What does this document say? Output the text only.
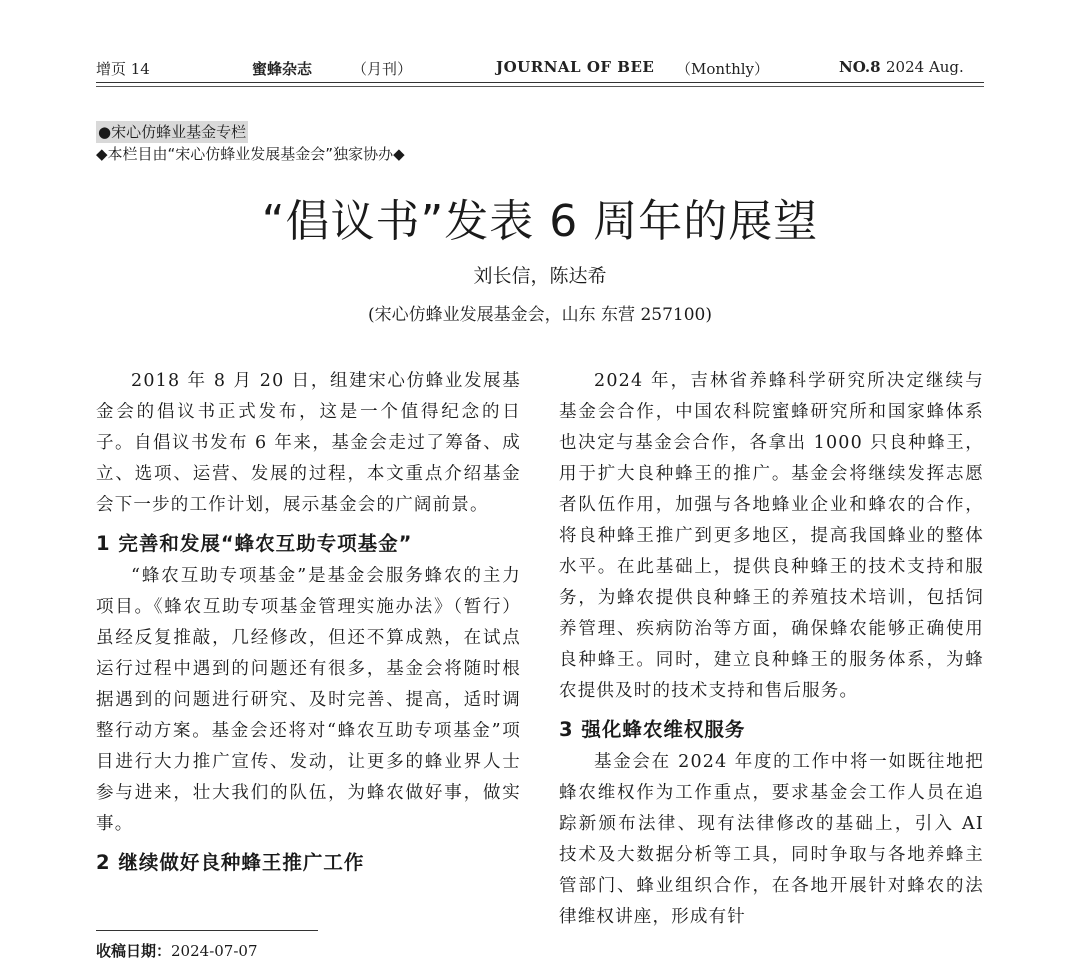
增页 14	蜜蜂杂志	（月刊）	JOURNAL OF BEE （Monthly）	NO.8 2024 Aug.
●宋心仿蜂业基金专栏
◆本栏目由“宋心仿蜂业发展基金会”独家协办◆
“倡议书”发表 6 周年的展望
刘长信，陈达希
(宋心仿蜂业发展基金会，山东 东营 257100)

2018 年 8 月 20 日，组建宋心仿蜂业发展基金会的倡议书正式发布，这是一个值得纪念的日子。自倡议书发布 6 年来，基金会走过了筹备、成立、选项、运营、发展的过程，本文重点介绍基金会下一步的工作计划，展示基金会的广阔前景。

1 完善和发展“蜂农互助专项基金”

“蜂农互助专项基金”是基金会服务蜂农的主力项目。《蜂农互助专项基金管理实施办法》（暂行）虽经反复推敲，几经修改，但还不算成熟，在试点运行过程中遇到的问题还有很多，基金会将随时根据遇到的问题进行研究、及时完善、提高，适时调整行动方案。基金会还将对“蜂农互助专项基金”项目进行大力推广宣传、发动，让更多的蜂业界人士参与进来，壮大我们的队伍，为蜂农做好事，做实事。

2 继续做好良种蜂王推广工作

2024 年，吉林省养蜂科学研究所决定继续与基金会合作，中国农科院蜜蜂研究所和国家蜂体系也决定与基金会合作，各拿出 1000 只良种蜂王，用于扩大良种蜂王的推广。基金会将继续发挥志愿者队伍作用，加强与各地蜂业企业和蜂农的合作，将良种蜂王推广到更多地区，提高我国蜂业的整体水平。在此基础上，提供良种蜂王的技术支持和服务，为蜂农提供良种蜂王的养殖技术培训，包括饲养管理、疾病防治等方面，确保蜂农能够正确使用良种蜂王。同时，建立良种蜂王的服务体系，为蜂农提供及时的技术支持和售后服务。

3 强化蜂农维权服务

基金会在 2024 年度的工作中将一如既往地把蜂农维权作为工作重点，要求基金会工作人员在追踪新颁布法律、现有法律修改的基础上，引入 AI 技术及大数据分析等工具，同时争取与各地养蜂主管部门、蜂业组织合作，在各地开展针对蜂农的法律维权讲座，形成有针

收稿日期：2024-07-07
